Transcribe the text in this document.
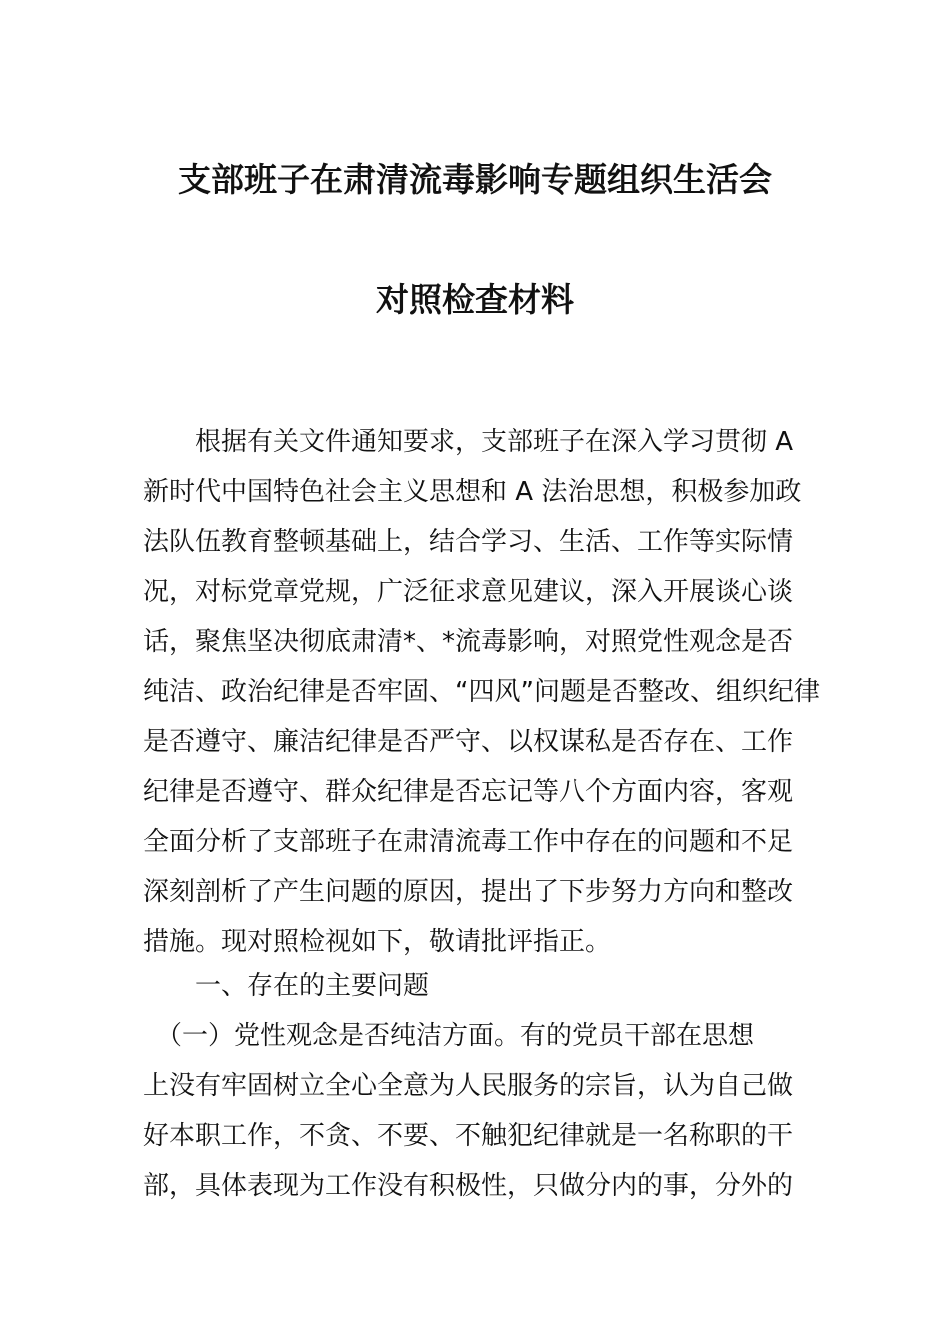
支部班子在肃清流毒影响专题组织生活会
对照检查材料
　　根据有关文件通知要求，支部班子在深入学习贯彻 A
新时代中国特色社会主义思想和 A 法治思想，积极参加政
法队伍教育整顿基础上，结合学习、生活、工作等实际情
况，对标党章党规，广泛征求意见建议，深入开展谈心谈
话，聚焦坚决彻底肃清*、*流毒影响，对照党性观念是否
纯洁、政治纪律是否牢固、“四风”问题是否整改、组织纪律
是否遵守、廉洁纪律是否严守、以权谋私是否存在、工作
纪律是否遵守、群众纪律是否忘记等八个方面内容，客观
全面分析了支部班子在肃清流毒工作中存在的问题和不足
深刻剖析了产生问题的原因，提出了下步努力方向和整改
措施。现对照检视如下，敬请批评指正。
　　一、存在的主要问题
　（一）党性观念是否纯洁方面。有的党员干部在思想
上没有牢固树立全心全意为人民服务的宗旨，认为自己做
好本职工作，不贪、不要、不触犯纪律就是一名称职的干
部，具体表现为工作没有积极性，只做分内的事，分外的
